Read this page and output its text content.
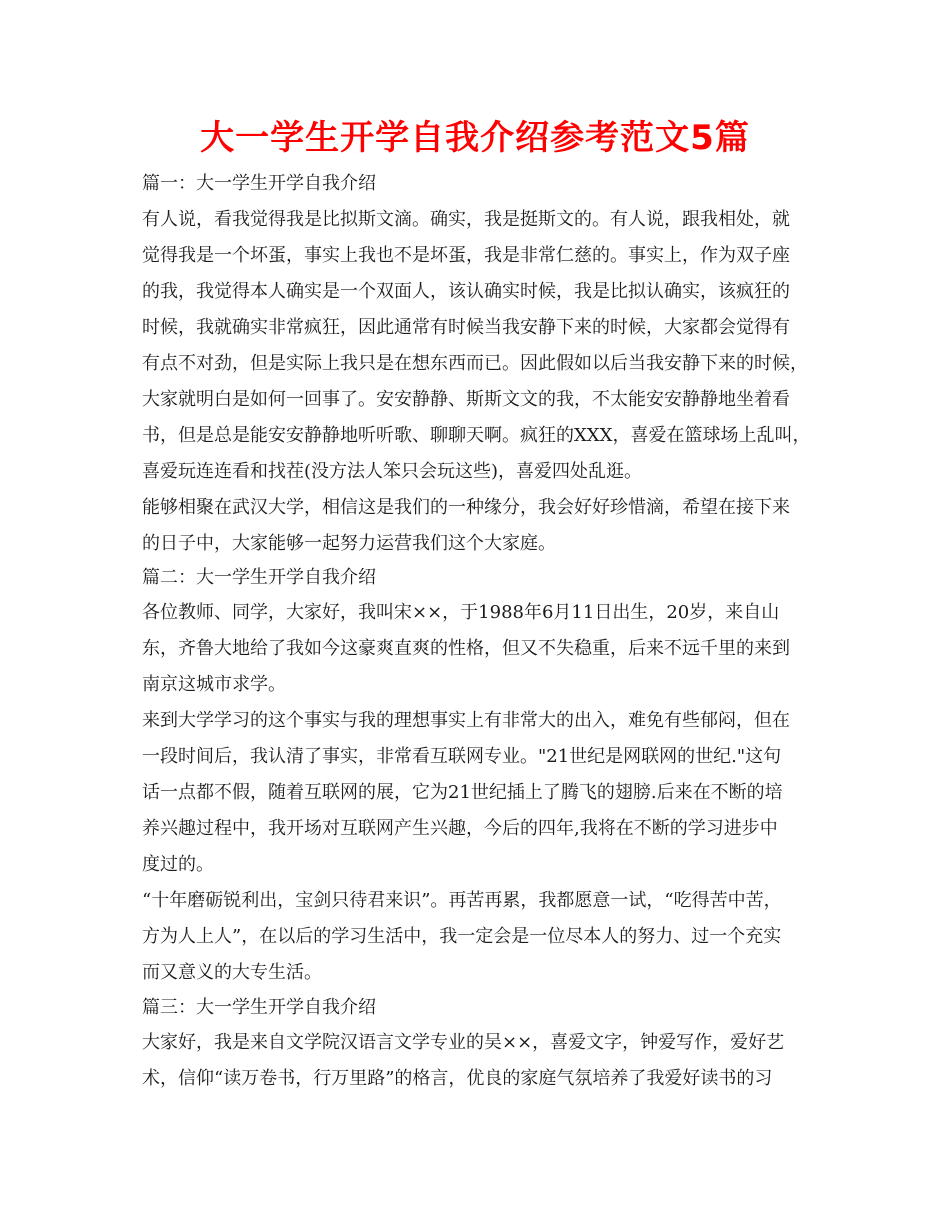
大一学生开学自我介绍参考范文5篇
篇一：大一学生开学自我介绍
有人说，看我觉得我是比拟斯文滴。确实，我是挺斯文的。有人说，跟我相处，就
觉得我是一个坏蛋，事实上我也不是坏蛋，我是非常仁慈的。事实上，作为双子座
的我，我觉得本人确实是一个双面人，该认确实时候，我是比拟认确实，该疯狂的
时候，我就确实非常疯狂，因此通常有时候当我安静下来的时候，大家都会觉得有
有点不对劲，但是实际上我只是在想东西而已。因此假如以后当我安静下来的时候，
大家就明白是如何一回事了。安安静静、斯斯文文的我，不太能安安静静地坐着看
书，但是总是能安安静静地听听歌、聊聊天啊。疯狂的XXX，喜爱在篮球场上乱叫，
喜爱玩连连看和找茬(没方法人笨只会玩这些)，喜爱四处乱逛。
能够相聚在武汉大学，相信这是我们的一种缘分，我会好好珍惜滴，希望在接下来
的日子中，大家能够一起努力运营我们这个大家庭。
篇二：大一学生开学自我介绍
各位教师、同学，大家好，我叫宋××，于1988年6月11日出生，20岁，来自山
东，齐鲁大地给了我如今这豪爽直爽的性格，但又不失稳重，后来不远千里的来到
南京这城市求学。
来到大学学习的这个事实与我的理想事实上有非常大的出入，难免有些郁闷，但在
一段时间后，我认清了事实，非常看互联网专业。"21世纪是网联网的世纪."这句
话一点都不假，随着互联网的展，它为21世纪插上了腾飞的翅膀.后来在不断的培
养兴趣过程中，我开场对互联网产生兴趣，今后的四年,我将在不断的学习进步中
度过的。
“十年磨砺锐利出，宝剑只待君来识”。再苦再累，我都愿意一试，“吃得苦中苦，
方为人上人”，在以后的学习生活中，我一定会是一位尽本人的努力、过一个充实
而又意义的大专生活。
篇三：大一学生开学自我介绍
大家好，我是来自文学院汉语言文学专业的吴××，喜爱文字，钟爱写作，爱好艺
术，信仰“读万卷书，行万里路”的格言，优良的家庭气氛培养了我爱好读书的习
